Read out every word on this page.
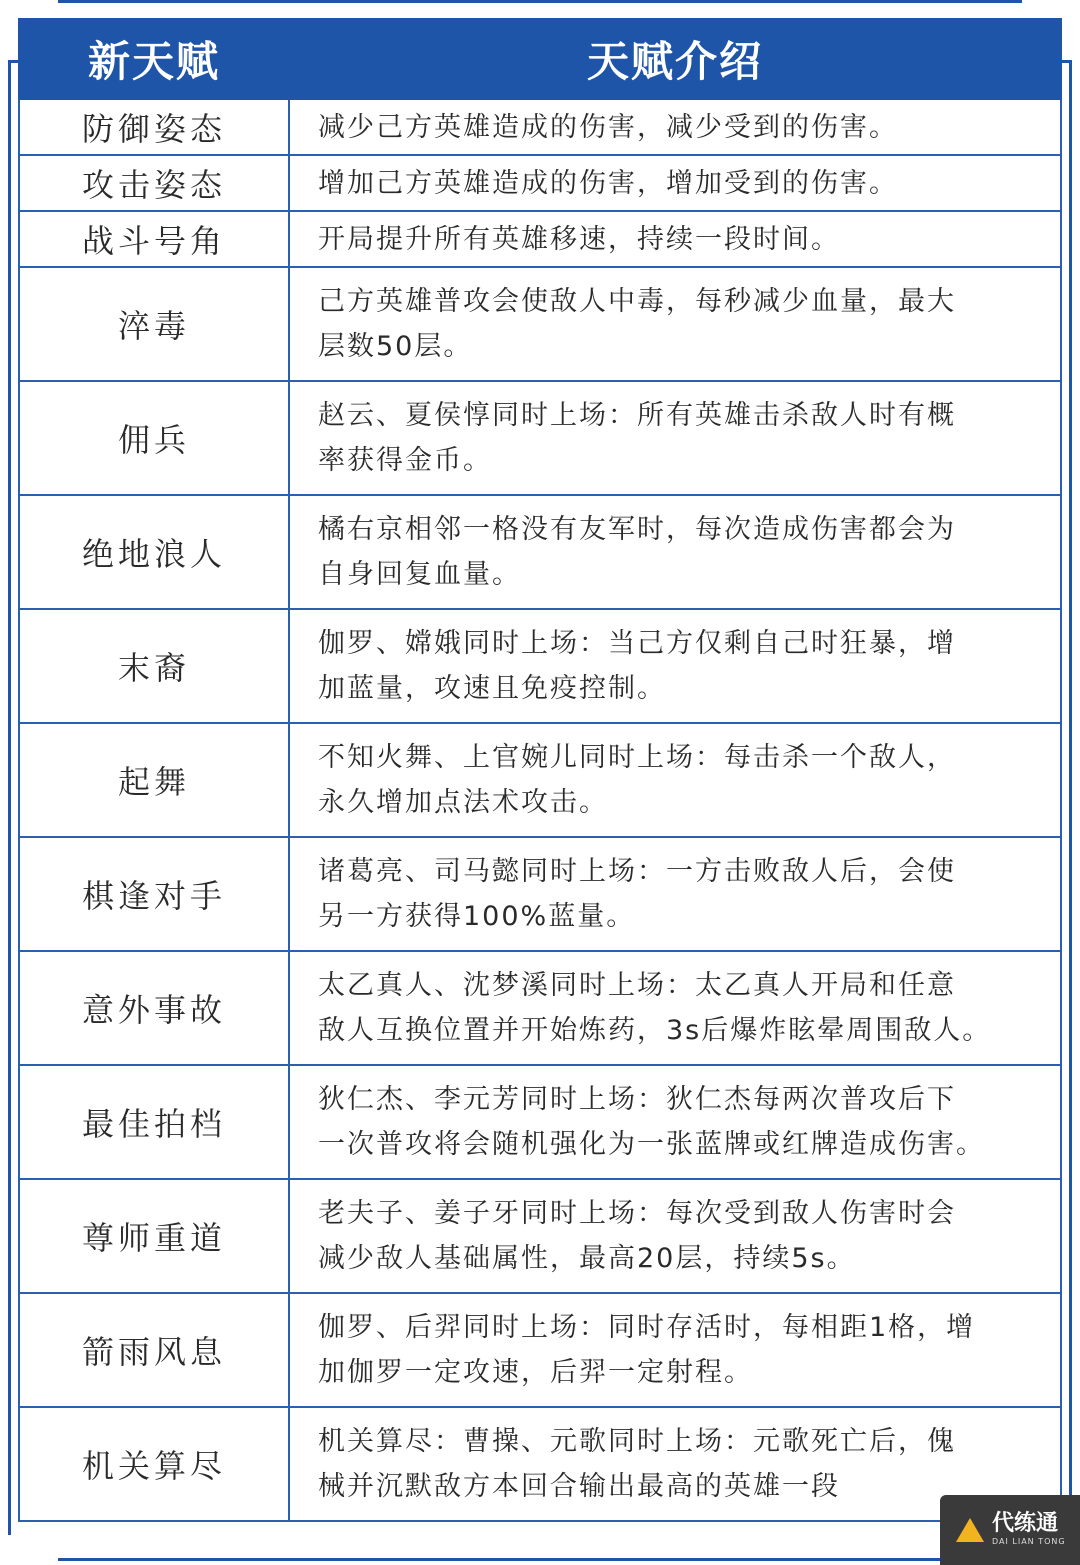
新天赋	天赋介绍
防御姿态	减少己方英雄造成的伤害，减少受到的伤害。
攻击姿态	增加己方英雄造成的伤害，增加受到的伤害。
战斗号角	开局提升所有英雄移速，持续一段时间。
淬毒	己方英雄普攻会使敌人中毒，每秒减少血量，最大
层数50层。
佣兵	赵云、夏侯惇同时上场：所有英雄击杀敌人时有概
率获得金币。
绝地浪人	橘右京相邻一格没有友军时，每次造成伤害都会为
自身回复血量。
末裔	伽罗、嫦娥同时上场：当己方仅剩自己时狂暴，增
加蓝量，攻速且免疫控制。
起舞	不知火舞、上官婉儿同时上场：每击杀一个敌人，
永久增加点法术攻击。
棋逢对手	诸葛亮、司马懿同时上场：一方击败敌人后，会使
另一方获得100%蓝量。
意外事故	太乙真人、沈梦溪同时上场：太乙真人开局和任意
敌人互换位置并开始炼药，3s后爆炸眩晕周围敌人。
最佳拍档	狄仁杰、李元芳同时上场：狄仁杰每两次普攻后下
一次普攻将会随机强化为一张蓝牌或红牌造成伤害。
尊师重道	老夫子、姜子牙同时上场：每次受到敌人伤害时会
减少敌人基础属性，最高20层，持续5s。
箭雨风息	伽罗、后羿同时上场：同时存活时，每相距1格，增
加伽罗一定攻速，后羿一定射程。
机关算尽	机关算尽：曹操、元歌同时上场：元歌死亡后，傀
械并沉默敌方本回合输出最高的英雄一段
代练通
DAI LIAN TONG
